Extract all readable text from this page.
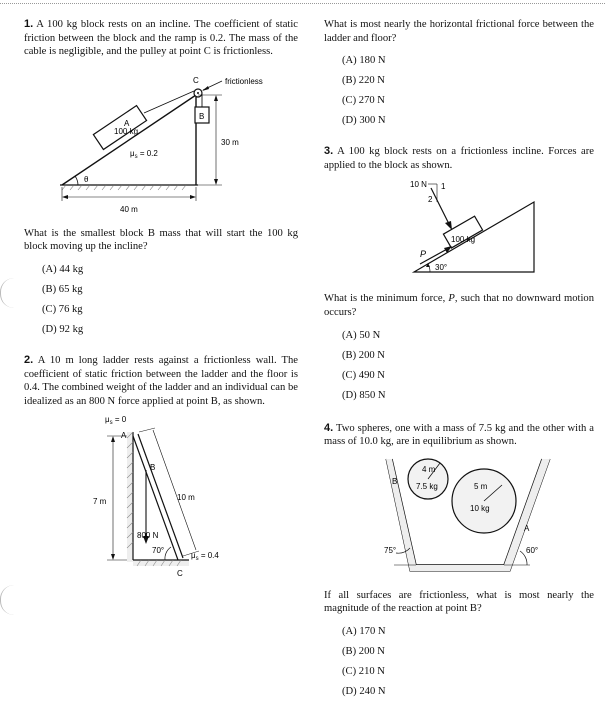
1. A 100 kg block rests on an incline. The coefficient of static friction between the block and the ramp is 0.2. The mass of the cable is negligible, and the pulley at point C is frictionless.

A
100 kg
B
C	frictionless
$\mu_s = 0.2$
θ
30 m
40 m

What is the smallest block B mass that will start the 100 kg block moving up the incline?

(A) 44 kg
(B) 65 kg
(C) 76 kg
(D) 92 kg

2. A 10 m long ladder rests against a frictionless wall. The coefficient of static friction between the ladder and the floor is 0.4. The combined weight of the ladder and an individual can be idealized as an 800 N force applied at point B, as shown.

$\mu_s = 0$
A
B
10 m
7 m
800 N
70°
$\mu_s = 0.4$
C

What is most nearly the horizontal frictional force between the ladder and floor?

(A) 180 N
(B) 220 N
(C) 270 N
(D) 300 N

3. A 100 kg block rests on a frictionless incline. Forces are applied to the block as shown.

100 kg
10 N 1
2
P
30°

What is the minimum force, P, such that no downward motion occurs?

(A) 50 N
(B) 200 N
(C) 490 N
(D) 850 N

4. Two spheres, one with a mass of 7.5 kg and the other with a mass of 10.0 kg, are in equilibrium as shown.

4 m
7.5 kg	5 m
10 kg
B
A
75°	60°

If all surfaces are frictionless, what is most nearly the magnitude of the reaction at point B?

(A) 170 N
(B) 200 N
(C) 210 N
(D) 240 N
